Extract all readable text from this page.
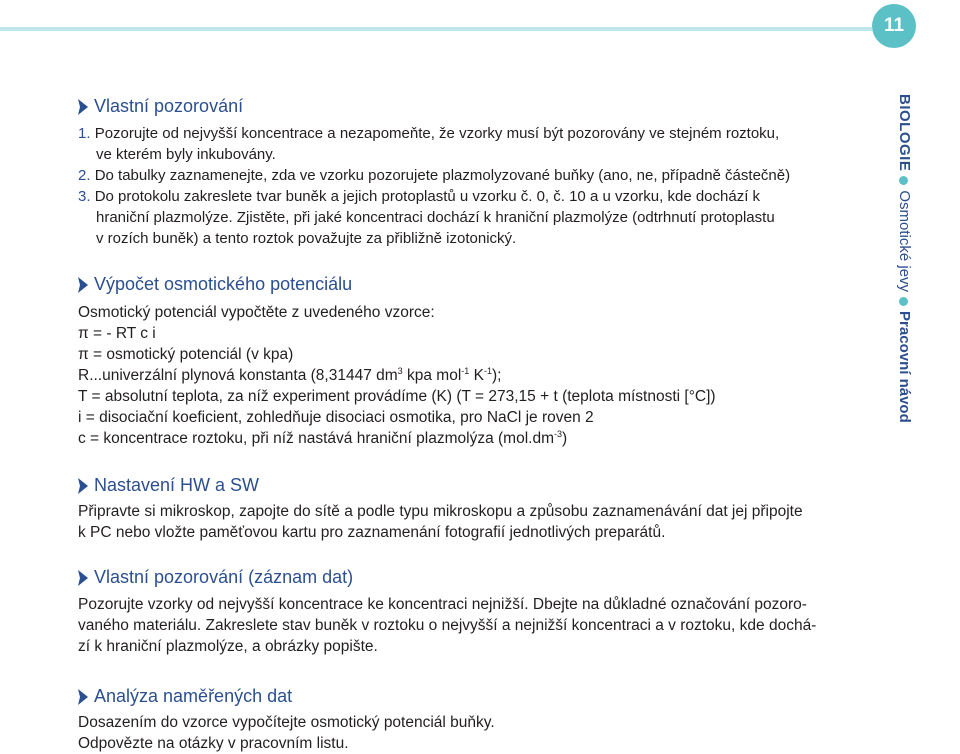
11
BIOLOGIE
Osmotické jevy
Pracovní návod
Vlastní pozorování
1. Pozorujte od nejvyšší koncentrace a nezapomeňte, že vzorky musí být pozorovány ve stejném roztoku,
ve kterém byly inkubovány.
2. Do tabulky zaznamenejte, zda ve vzorku pozorujete plazmolyzované buňky (ano, ne, případně částečně)
3. Do protokolu zakreslete tvar buněk a jejich protoplastů u vzorku č. 0, č. 10 a u vzorku, kde dochází k
hraniční plazmolýze. Zjistěte, při jaké koncentraci dochází k hraniční plazmolýze (odtrhnutí protoplastu
v rozích buněk) a tento roztok považujte za přibližně izotonický.
Výpočet osmotického potenciálu
Osmotický potenciál vypočtěte z uvedeného vzorce:
π = - RT c i
π = osmotický potenciál (v kpa)
R...univerzální plynová konstanta (8,31447 $dm^3$ kpa mol$^{-1}$ $K^{-1}$);
T = absolutní teplota, za níž experiment provádíme (K) (T = 273,15 + t (teplota místnosti [°C])
i = disociační koeficient, zohledňuje disociaci osmotika, pro NaCl je roven 2
c = koncentrace roztoku, při níž nastává hraniční plazmolýza $(mol.dm^{-3})$
Nastavení HW a SW
Připravte si mikroskop, zapojte do sítě a podle typu mikroskopu a způsobu zaznamenávání dat jej připojte
k PC nebo vložte paměťovou kartu pro zaznamenání fotografií jednotlivých preparátů.
Vlastní pozorování (záznam dat)
Pozorujte vzorky od nejvyšší koncentrace ke koncentraci nejnižší. Dbejte na důkladné označování pozoro-
vaného materiálu. Zakreslete stav buněk v roztoku o nejvyšší a nejnižší koncentraci a v roztoku, kde dochá-
zí k hraniční plazmolýze, a obrázky popište.
Analýza naměřených dat
Dosazením do vzorce vypočítejte osmotický potenciál buňky.
Odpovězte na otázky v pracovním listu.
